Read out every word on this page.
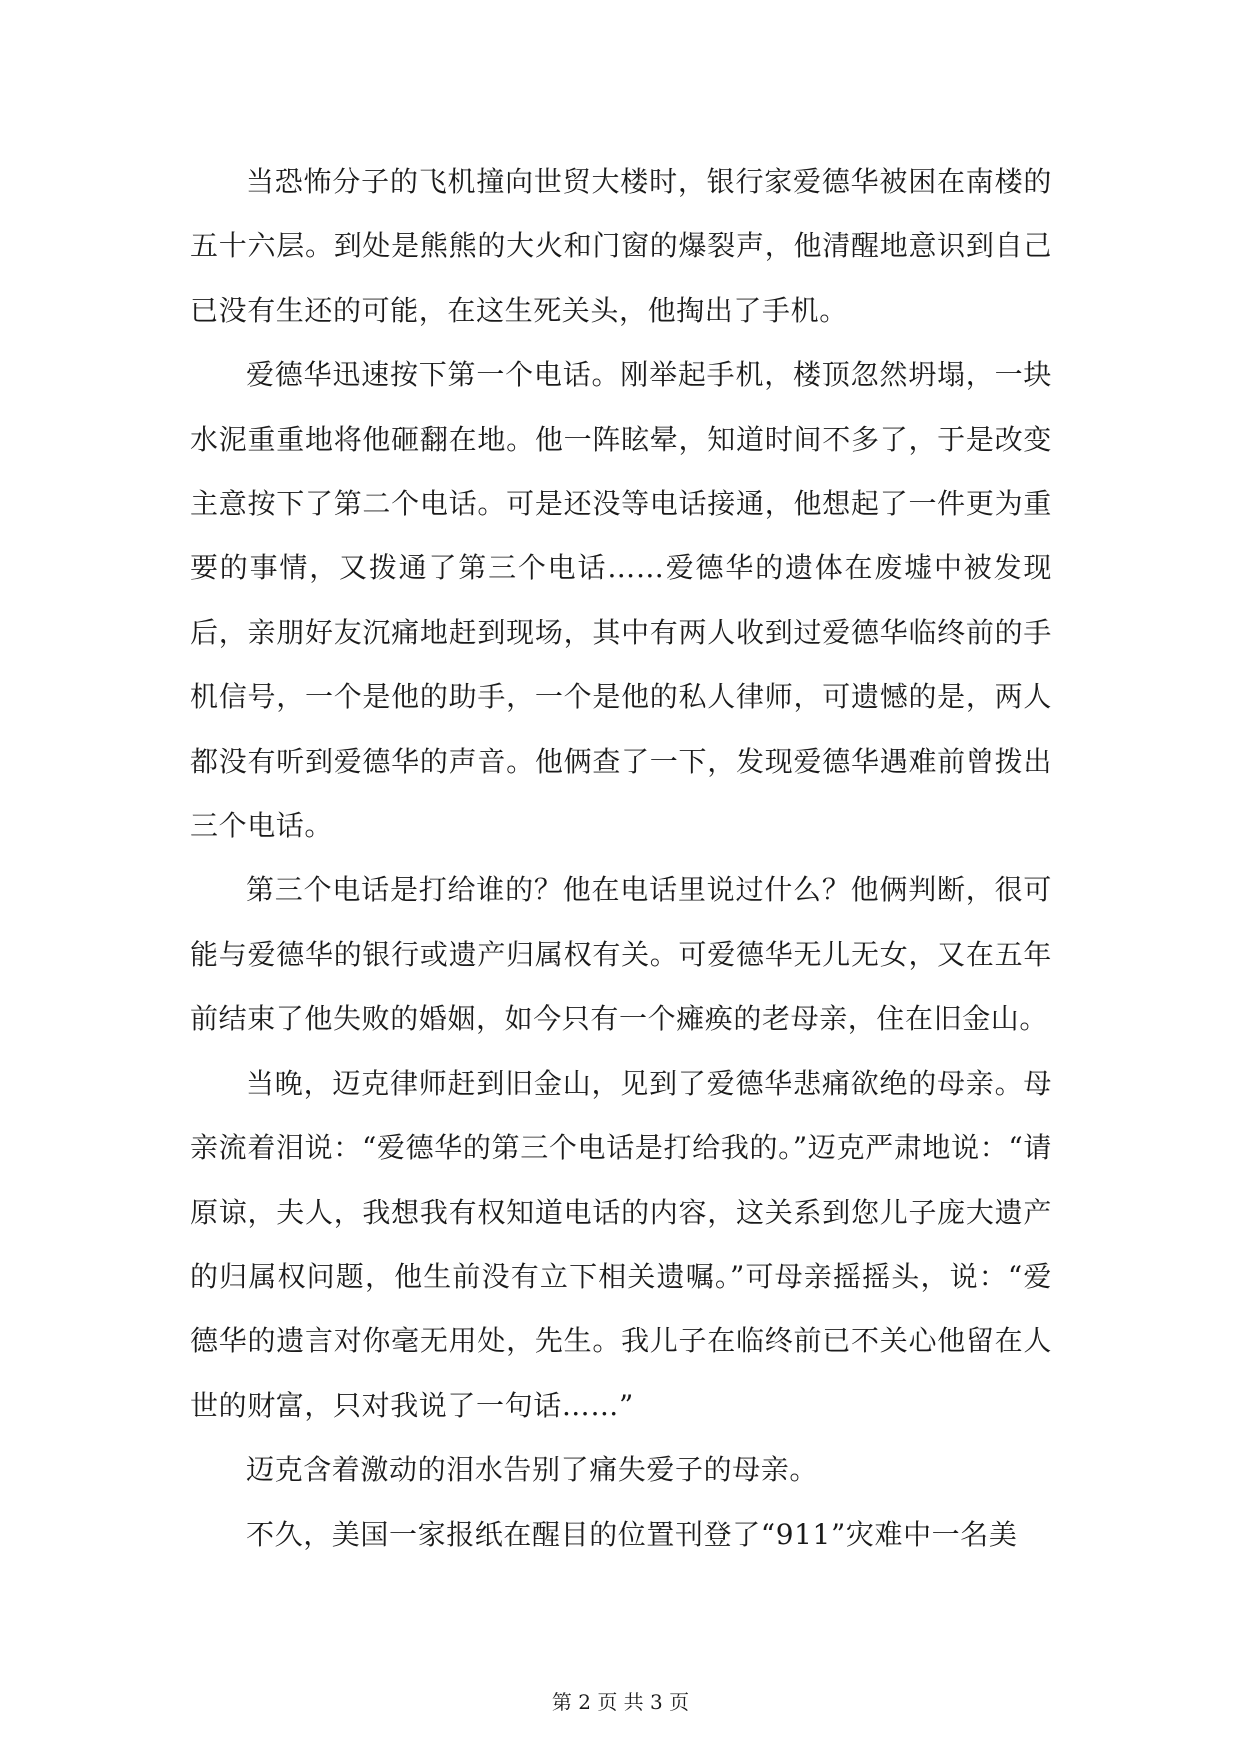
当恐怖分子的飞机撞向世贸大楼时，银行家爱德华被困在南楼的五十六层。到处是熊熊的大火和门窗的爆裂声，他清醒地意识到自己已没有生还的可能，在这生死关头，他掏出了手机。

爱德华迅速按下第一个电话。刚举起手机，楼顶忽然坍塌，一块水泥重重地将他砸翻在地。他一阵眩晕，知道时间不多了，于是改变主意按下了第二个电话。可是还没等电话接通，他想起了一件更为重要的事情，又拨通了第三个电话……爱德华的遗体在废墟中被发现后，亲朋好友沉痛地赶到现场，其中有两人收到过爱德华临终前的手机信号，一个是他的助手，一个是他的私人律师，可遗憾的是，两人都没有听到爱德华的声音。他俩查了一下，发现爱德华遇难前曾拨出三个电话。

第三个电话是打给谁的？他在电话里说过什么？他俩判断，很可能与爱德华的银行或遗产归属权有关。可爱德华无儿无女，又在五年前结束了他失败的婚姻，如今只有一个瘫痪的老母亲，住在旧金山。

当晚，迈克律师赶到旧金山，见到了爱德华悲痛欲绝的母亲。母亲流着泪说：“爱德华的第三个电话是打给我的。”迈克严肃地说：“请原谅，夫人，我想我有权知道电话的内容，这关系到您儿子庞大遗产的归属权问题，他生前没有立下相关遗嘱。”可母亲摇摇头，说：“爱德华的遗言对你毫无用处，先生。我儿子在临终前已不关心他留在人世的财富，只对我说了一句话……”

迈克含着激动的泪水告别了痛失爱子的母亲。

不久，美国一家报纸在醒目的位置刊登了“911”灾难中一名美

第 2 页 共 3 页
